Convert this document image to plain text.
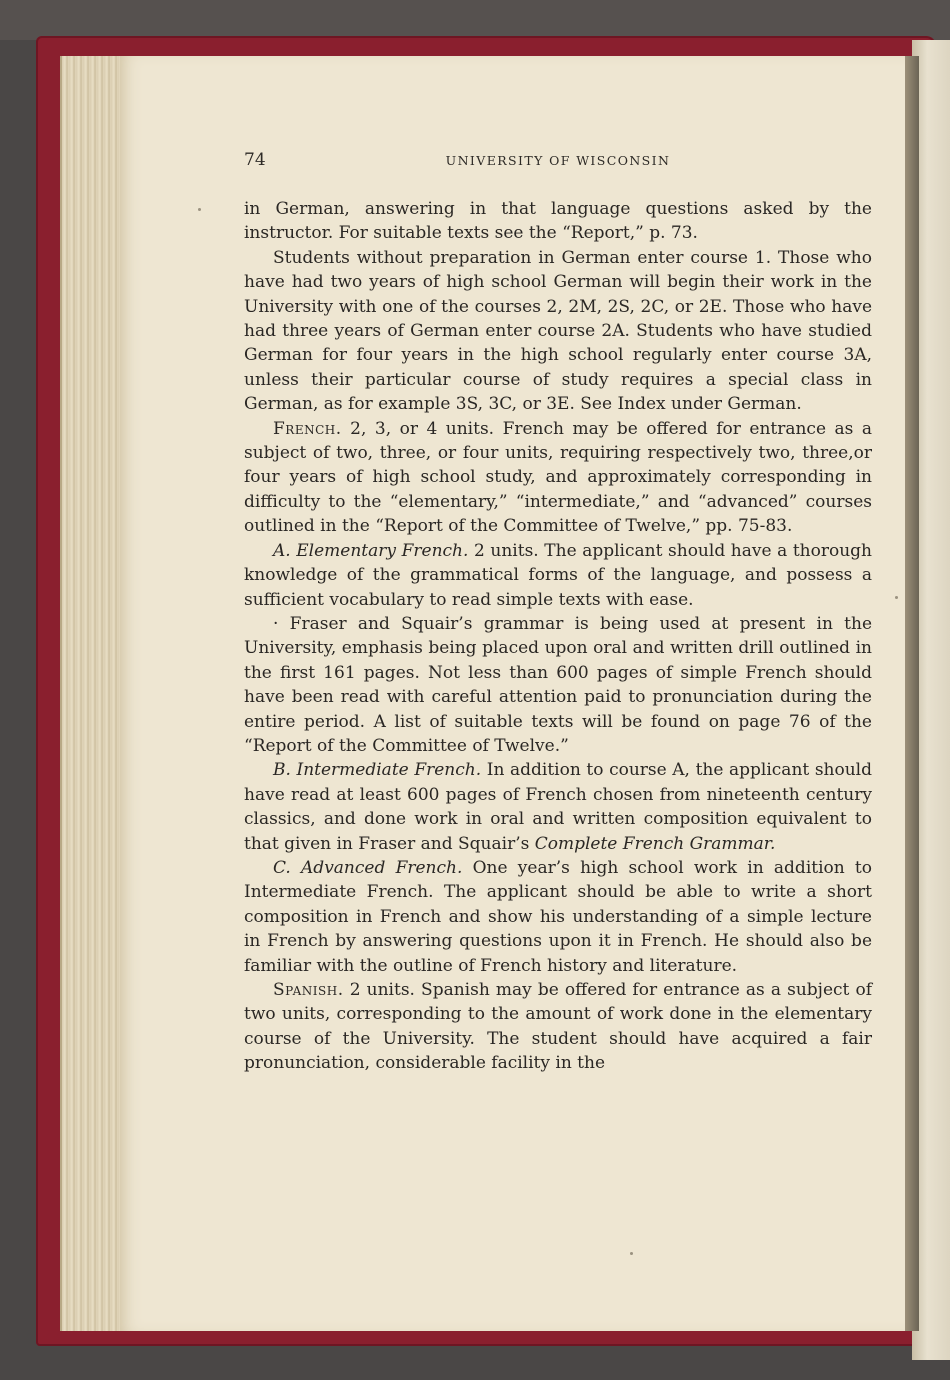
74	UNIVERSITY OF WISCONSIN

in German, answering in that language questions asked by the instructor. For suitable texts see the “Report,” p. 73.

Students without preparation in German enter course 1. Those who have had two years of high school German will begin their work in the University with one of the courses 2, 2M, 2S, 2C, or 2E. Those who have had three years of German enter course 2A. Students who have studied German for four years in the high school regularly enter course 3A, unless their particular course of study requires a special class in German, as for example 3S, 3C, or 3E. See Index under German.

French. 2, 3, or 4 units. French may be offered for entrance as a subject of two, three, or four units, requiring respectively two, three,or four years of high school study, and approximately corresponding in difficulty to the “elementary,” “intermediate,” and “advanced” courses outlined in the “Report of the Committee of Twelve,” pp. 75-83.

A. Elementary French. 2 units. The applicant should have a thorough knowledge of the grammatical forms of the language, and possess a sufficient vocabulary to read simple texts with ease.

· Fraser and Squair’s grammar is being used at present in the University, emphasis being placed upon oral and written drill outlined in the first 161 pages. Not less than 600 pages of simple French should have been read with careful attention paid to pronunciation during the entire period. A list of suitable texts will be found on page 76 of the “Report of the Committee of Twelve.”

B. Intermediate French. In addition to course A, the applicant should have read at least 600 pages of French chosen from nineteenth century classics, and done work in oral and written composition equivalent to that given in Fraser and Squair’s Complete French Grammar.

C. Advanced French. One year’s high school work in addition to Intermediate French. The applicant should be able to write a short composition in French and show his understanding of a simple lecture in French by answering questions upon it in French. He should also be familiar with the outline of French history and literature.

Spanish. 2 units. Spanish may be offered for entrance as a subject of two units, corresponding to the amount of work done in the elementary course of the University. The student should have acquired a fair pronunciation, considerable facility in the
